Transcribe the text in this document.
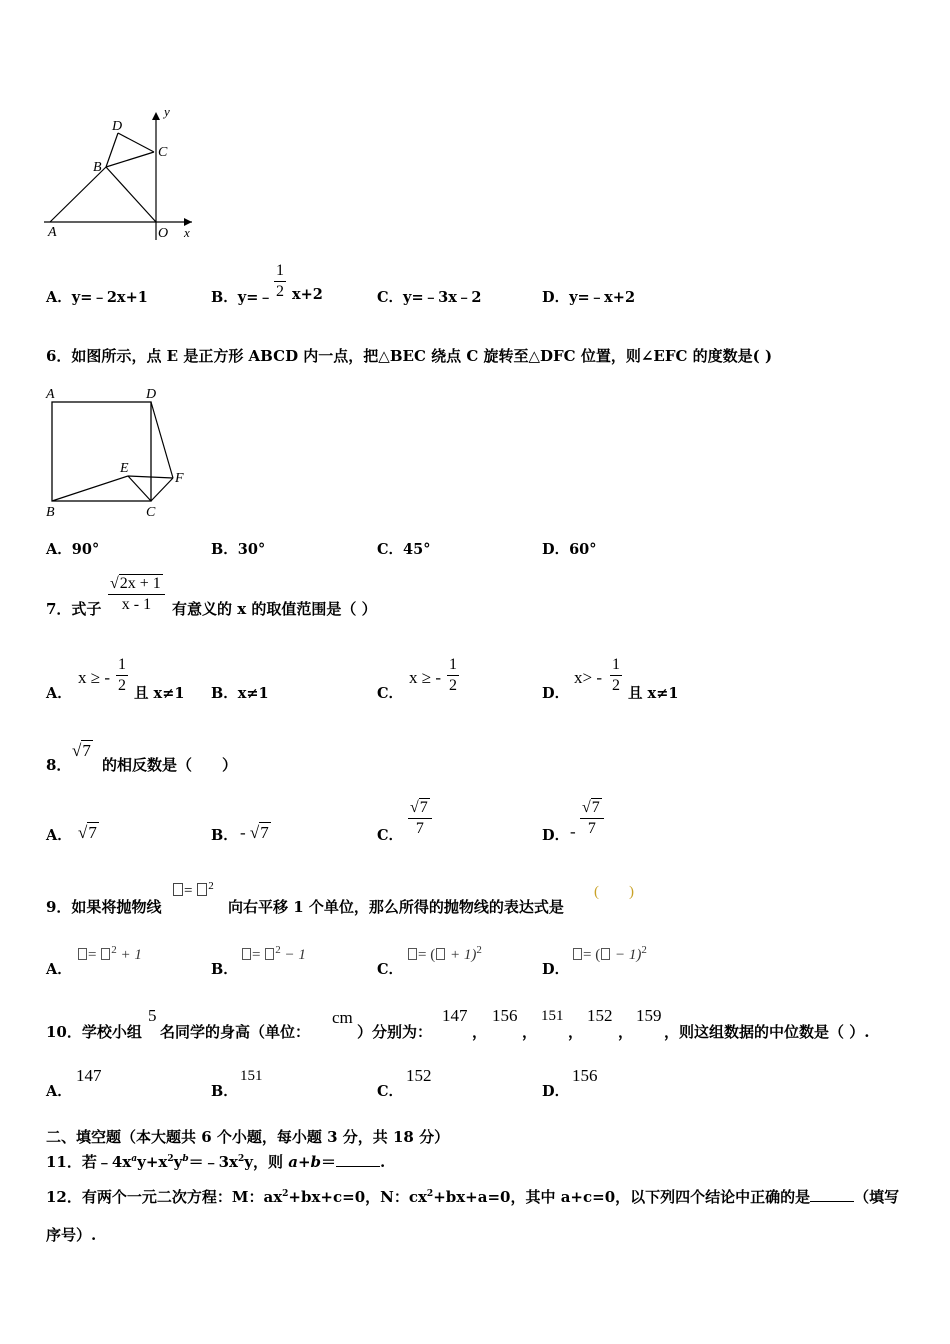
D
C
B
A	O x
y
A．y=﹣2x+1	B．y=﹣
1
2 x+2	C．y=﹣3x﹣2	D．y=﹣x+2
6．如图所示，点 E 是正方形 ABCD 内一点，把△BEC 绕点 C 旋转至△DFC 位置，则∠EFC 的度数是( )
A	D
E
F
B	C
A．90°	B．30°	C．45°	D．60°
7．式子
√2x + 1
x - 1 有意义的 x 的取值范围是（ ）
A．
x ≥ -
1
2 且 x≠1 B．x≠1	C．
x ≥ -
1
2	D．
x> -
1
2 且 x≠1
8．
√7
的相反数是（　　）
A． √7	B． - √7	C．
√7
7	D． -
√7
7
9．如果将抛物线
= $^2$
向右平移 1 个单位，那么所得的抛物线的表达式是
(　　)
A．
= $^2$ + 1
B．
= $^2$ − 1
C．
= ( + 1)$^2$
D．
= ( − 1)$^2$
10．学校小组
5
名同学的身高（单位：
cm
）分别为：
147
，
156
，
151
，
152
，
159
，则这组数据的中位数是（ ）.
A．
147
B．
151
C．
152
D．
156
二、填空题（本大题共 6 个小题，每小题 3 分，共 18 分）
11．若$﹣4x^ay+x^2y^b=﹣3x^2y$，则 a+b＝	.
12．有两个一元二次方程：M：$ax^2+bx+c=0$，N：$cx^2+bx+a=0$，其中 a+c=0，以下列四个结论中正确的是	（填写
序号）.
